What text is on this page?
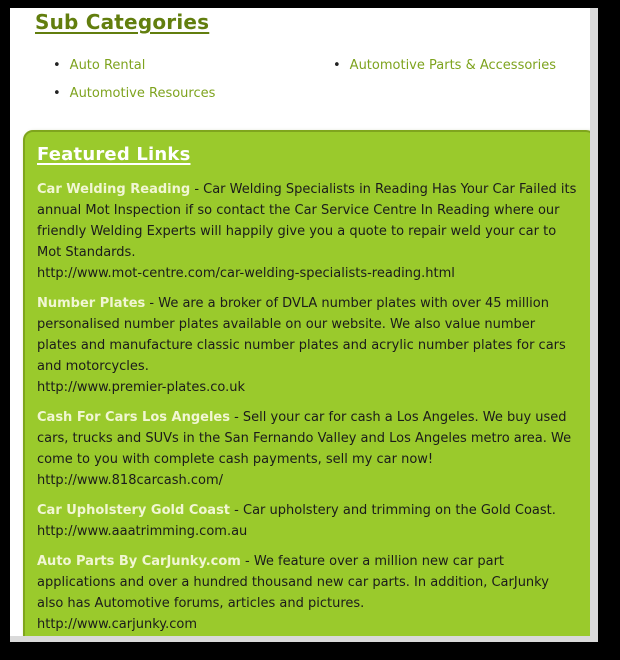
Sub Categories
• Auto Rental
• Automotive Resources
• Automotive Parts & Accessories
Featured Links
Car Welding Reading - Car Welding Specialists in Reading Has Your Car Failed its annual Mot Inspection if so contact the Car Service Centre In Reading where our friendly Welding Experts will happily give you a quote to repair weld your car to Mot Standards.
http://www.mot-centre.com/car-welding-specialists-reading.html
Number Plates - We are a broker of DVLA number plates with over 45 million personalised number plates available on our website. We also value number plates and manufacture classic number plates and acrylic number plates for cars and motorcycles.
http://www.premier-plates.co.uk
Cash For Cars Los Angeles - Sell your car for cash a Los Angeles. We buy used cars, trucks and SUVs in the San Fernando Valley and Los Angeles metro area. We come to you with complete cash payments, sell my car now!
http://www.818carcash.com/
Car Upholstery Gold Coast - Car upholstery and trimming on the Gold Coast.
http://www.aaatrimming.com.au
Auto Parts By CarJunky.com - We feature over a million new car part applications and over a hundred thousand new car parts. In addition, CarJunky also has Automotive forums, articles and pictures.
http://www.carjunky.com
